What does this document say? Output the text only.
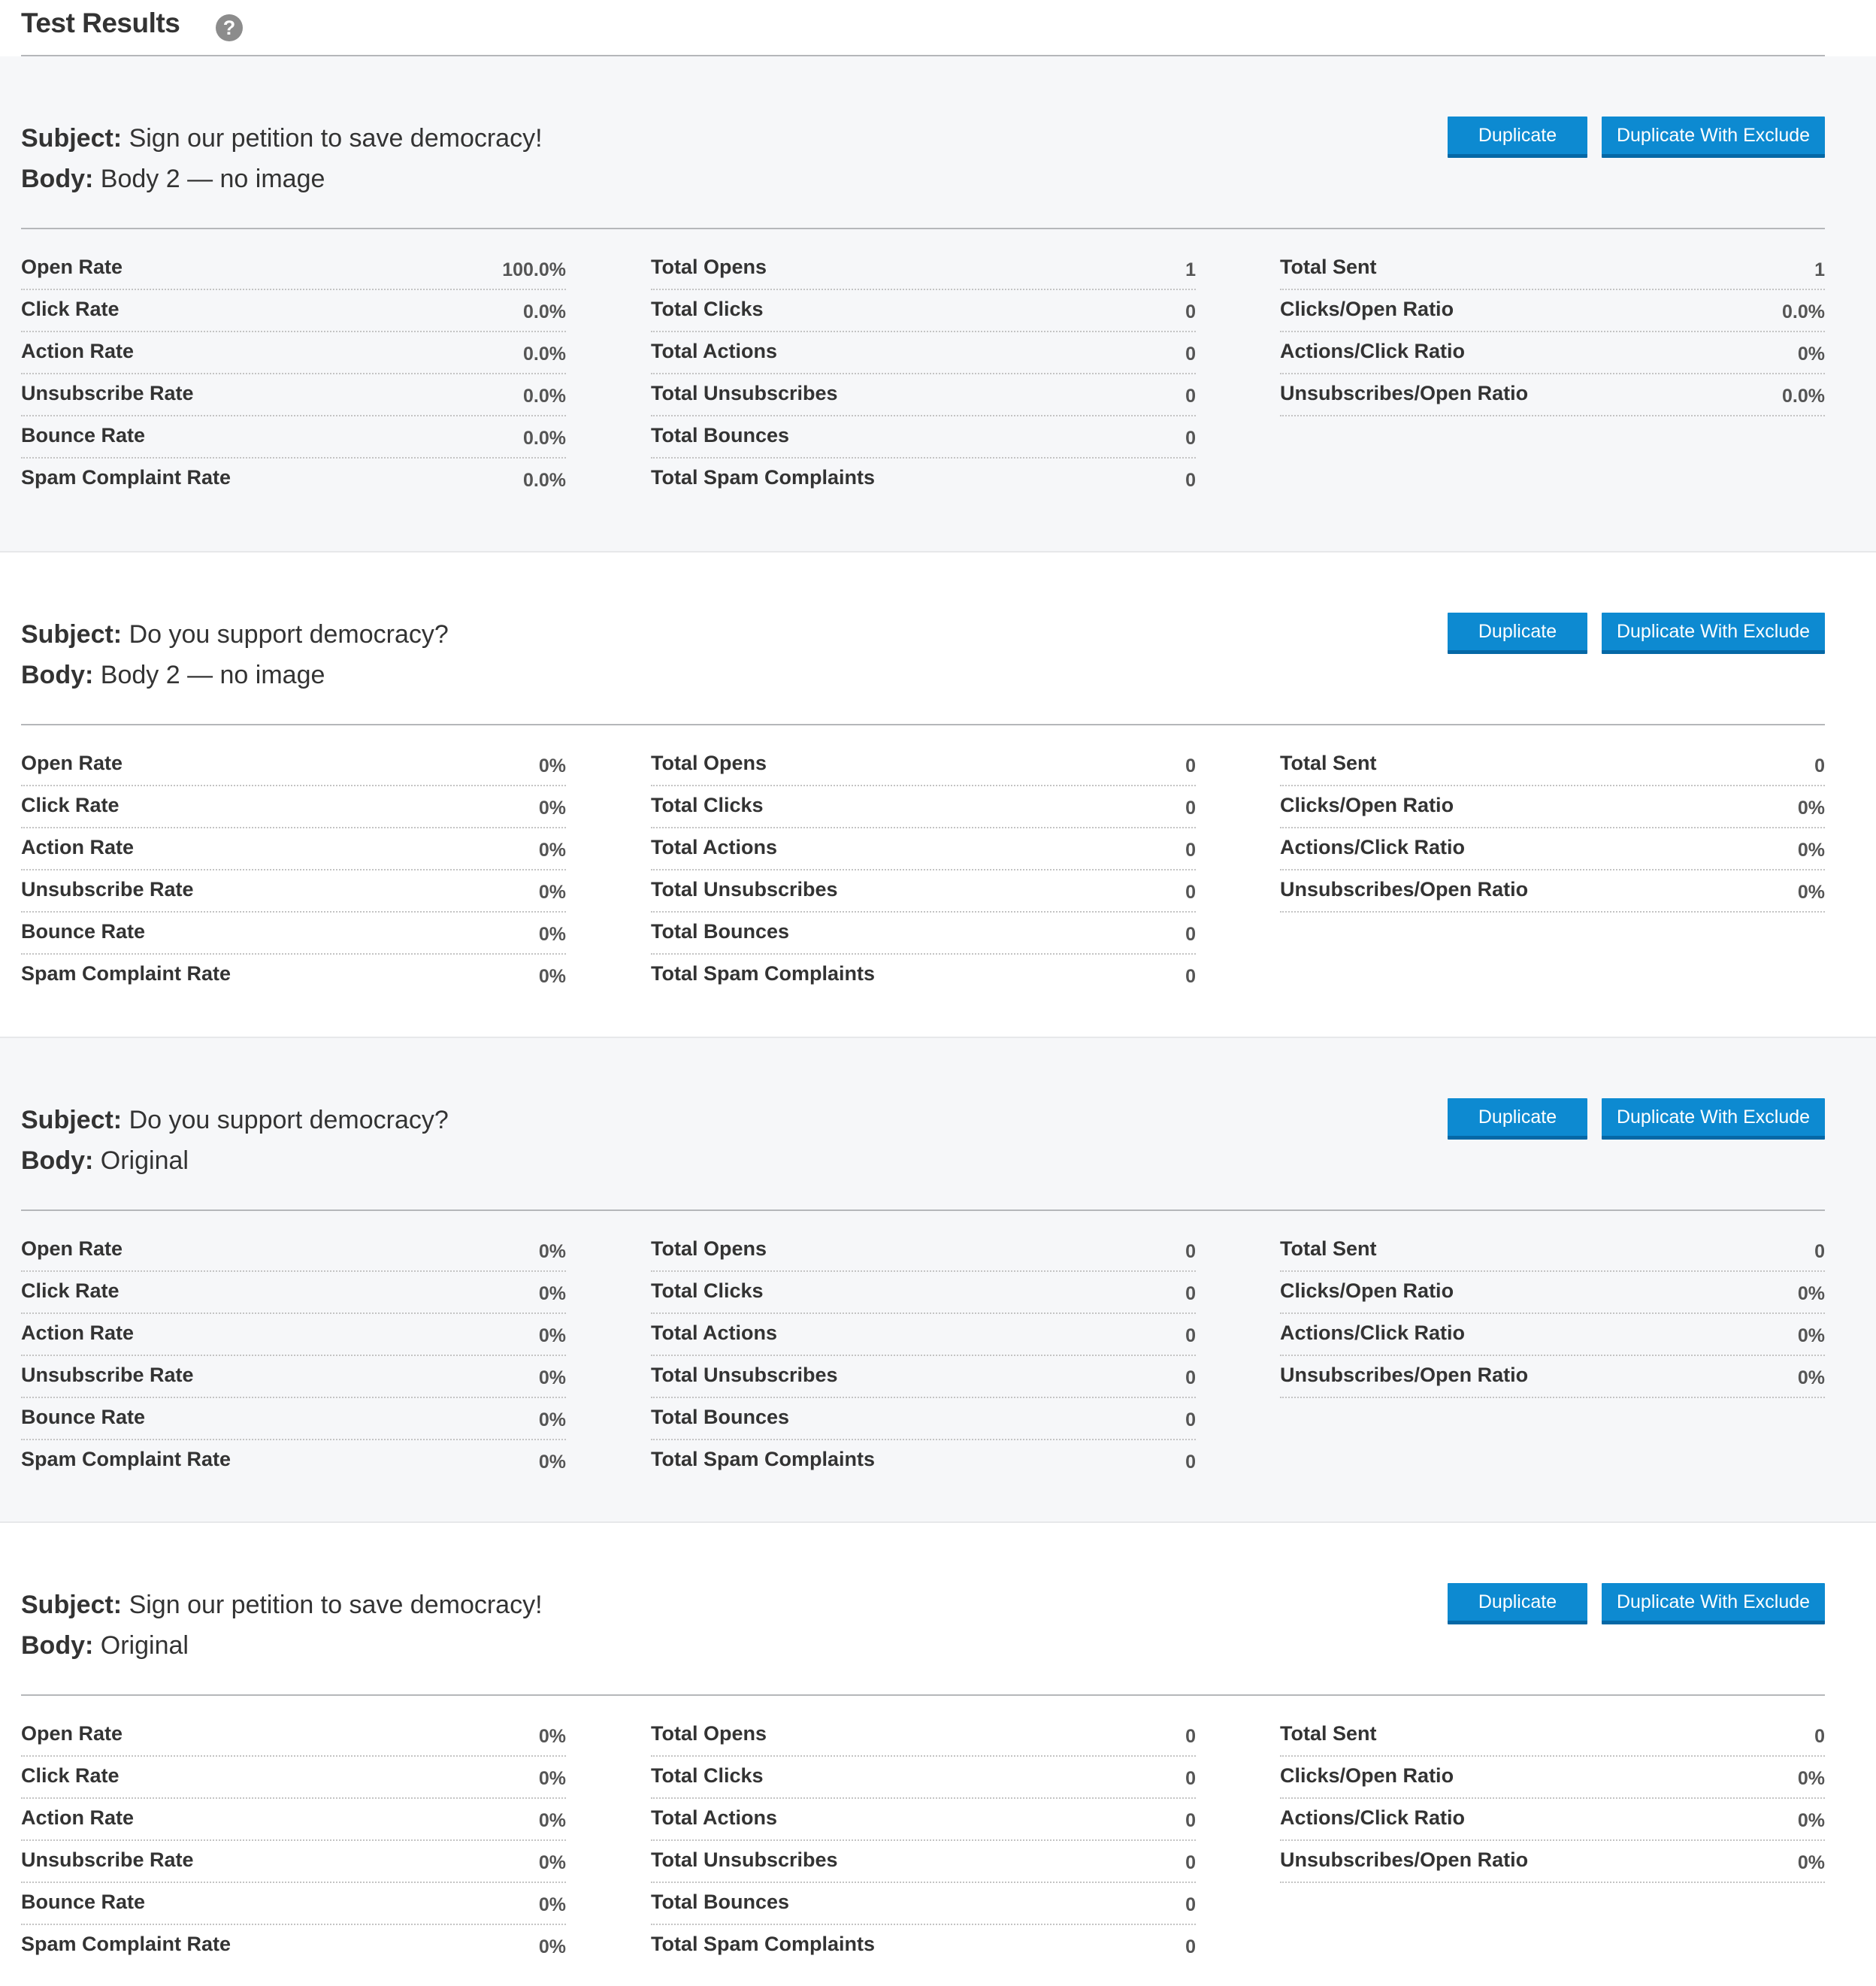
Test Results	?
Subject: Sign our petition to save democracy!
Body: Body 2 — no image
Duplicate	Duplicate With Exclude
Open Rate	100.0%
Click Rate	0.0%
Action Rate	0.0%
Unsubscribe Rate	0.0%
Bounce Rate	0.0%
Spam Complaint Rate	0.0%
Total Opens	1
Total Clicks	0
Total Actions	0
Total Unsubscribes	0
Total Bounces	0
Total Spam Complaints	0
Total Sent	1
Clicks/Open Ratio	0.0%
Actions/Click Ratio	0%
Unsubscribes/Open Ratio	0.0%
Subject: Do you support democracy?
Body: Body 2 — no image
Duplicate	Duplicate With Exclude
Open Rate	0%
Click Rate	0%
Action Rate	0%
Unsubscribe Rate	0%
Bounce Rate	0%
Spam Complaint Rate	0%
Total Opens	0
Total Clicks	0
Total Actions	0
Total Unsubscribes	0
Total Bounces	0
Total Spam Complaints	0
Total Sent	0
Clicks/Open Ratio	0%
Actions/Click Ratio	0%
Unsubscribes/Open Ratio	0%
Subject: Do you support democracy?
Body: Original
Duplicate	Duplicate With Exclude
Open Rate	0%
Click Rate	0%
Action Rate	0%
Unsubscribe Rate	0%
Bounce Rate	0%
Spam Complaint Rate	0%
Total Opens	0
Total Clicks	0
Total Actions	0
Total Unsubscribes	0
Total Bounces	0
Total Spam Complaints	0
Total Sent	0
Clicks/Open Ratio	0%
Actions/Click Ratio	0%
Unsubscribes/Open Ratio	0%
Subject: Sign our petition to save democracy!
Body: Original
Duplicate	Duplicate With Exclude
Open Rate	0%
Click Rate	0%
Action Rate	0%
Unsubscribe Rate	0%
Bounce Rate	0%
Spam Complaint Rate	0%
Total Opens	0
Total Clicks	0
Total Actions	0
Total Unsubscribes	0
Total Bounces	0
Total Spam Complaints	0
Total Sent	0
Clicks/Open Ratio	0%
Actions/Click Ratio	0%
Unsubscribes/Open Ratio	0%
